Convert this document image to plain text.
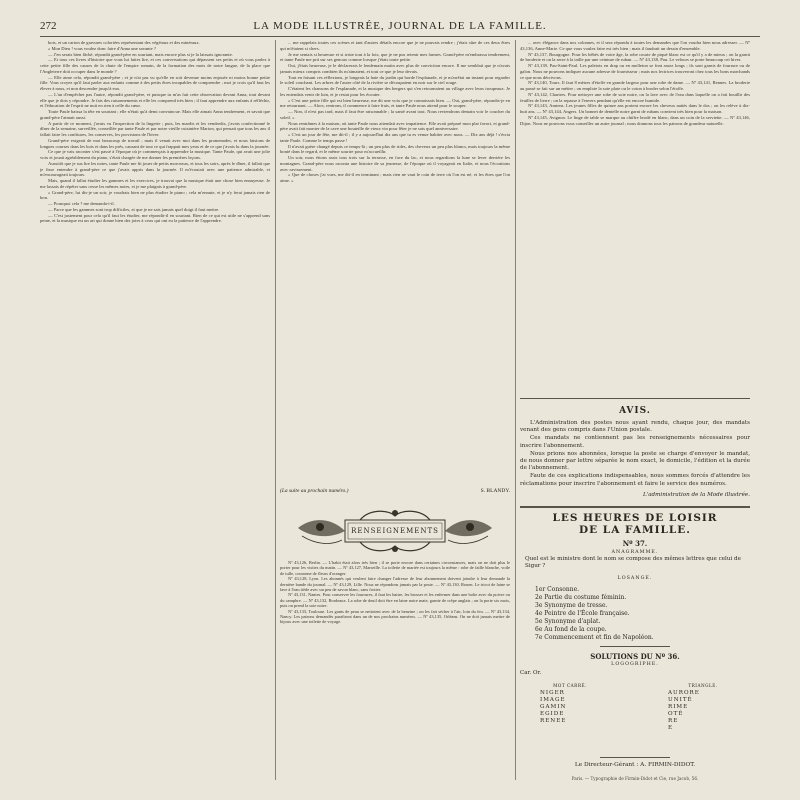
272	LA MODE ILLUSTRÉE, JOURNAL DE LA FAMILLE.

bois, et un carton de gravures coloriées représentant des végétaux et des minéraux.

« Mon Dieu ! vous voulez donc faire d'Anna une savante ?

— J'en serais bien fâché, répondit grand-père en souriant, mais encore plus si je la laissais ignorante.

— Et tous ces livres d'histoire que vous lui faites lire, et ces conversations qui dépassent ses petits et où vous parlez à cette petite fille des causes de la chute de l'empire romain, de la formation des mots de notre langue, de la place que l'Angleterre doit occuper dans le monde ?

— Elle aime cela, répondit grand-père ; et je n'ai pas vu qu'elle en soit devenue moins enjouée ni moins bonne petite fille. Vous croyez qu'il faut parler aux enfants comme à des petits êtres incapables de comprendre ; moi je crois qu'il faut les élever à nous, et non descendre jusqu'à eux.

— L'an d'empêcher pas l'autre, répondit grand-père, et puisque tu m'as fait cette observation devant Anna, tout devant elle que je dois y répondre. Je fais des raisonnements et elle les comprend très bien ; il faut apprendre aux enfants à réfléchir, et l'éducation de l'esprit ne nuit en rien à celle du cœur.

Toute Paule baissa la tête en souriant ; elle n'était qu'à demi convaincue. Mais elle aimait Anna tendrement, et savait que grand-père l'aimait aussi.

A partir de ce moment, j'avais vu l'inspection de la lingerie ; puis, les mardis et les vendredis, j'avais confectionné le dîner de la semaine, surveillée, conseillée par tante Paule et par notre vieille cuisinière Marion, qui pensait que tous les ans il fallait faire les confitures, les conserves, les provisions de l'hiver.

Grand-père exigeait de moi beaucoup de travail ; mais il venait avec moi dans les promenades, et nous faisions de longues courses dans les bois et dans les prés, causant de tout ce qui frappait mes yeux et de ce que j'avais lu dans la journée.

Ce que je vais raconter s'est passé à l'époque où je commençais à apprendre la musique. Tante Paule, qui avait une jolie voix et jouait agréablement du piano, s'était chargée de me donner les premières leçons.

Aussitôt que je sus lire les notes, tante Paule me fit jouer de petits morceaux, et tous les soirs, après le dîner, il fallait que je fisse entendre à grand-père ce que j'avais appris dans la journée. Il m'écoutait avec une patience admirable, et m'encourageait toujours.

Mais, quand il fallut étudier les gammes et les exercices, je trouvai que la musique était une chose bien ennuyeuse. Je me lassais de répéter sans cesse les mêmes notes, et je me plaignis à grand-père.

« Grand-père, lui dis-je un soir, je voudrais bien ne plus étudier le piano ; cela m'ennuie, et je n'y ferai jamais rien de bon.

— Pourquoi cela ? me demanda-t-il.

— Parce que les gammes sont trop difficiles, et que je ne sais jamais quel doigt il faut mettre.

— C'est justement pour cela qu'il faut les étudier, me répondit-il en souriant. Rien de ce qui est utile ne s'apprend sans peine, et la musique est un art qui donne bien des joies à ceux qui ont eu la patience de l'apprendre.

... me rappelais toutes ces scènes et tant d'autres détails encore que je ne pouvais rendre ; j'étais sûre de ces deux êtres qui m'étaient si chers.

Je me sentais si heureuse et si triste tout à la fois, que je ne pus retenir mes larmes. Grand-père m'embrassa tendrement, et tante Paule me prit sur ses genoux comme lorsque j'étais toute petite.

Oui, j'étais heureuse, je le déclarerais le lendemain matin avec plus de conviction encore. Il me semblait que je n'avais jamais mieux compris combien ils m'aimaient, et tout ce que je leur devais.

Tout en faisant ces réflexions, je longeais la haie du jardin qui borde l'esplanade, et je m'arrêtai un instant pour regarder le soleil couchant. Les arbres de l'autre côté de la rivière se découpaient en noir sur le ciel rouge.

C'étaient les chansons de l'esplanade, et la musique des bergers qui s'en retournaient au village avec leurs troupeaux. Je les entendais venir de loin, et je restai pour les écouter.

« C'est une petite fille qui est bien heureuse, me dit une voix que je connaissais bien. — Oui, grand-père, répondis-je en me retournant. — Alors, rentrons, il commence à faire frais, et tante Paule nous attend pour le souper.

— Non, il n'est pas tard, mais il faut être raisonnable ; la santé avant tout. Nous reviendrons demain voir le coucher du soleil. »

Nous rentrâmes à la maison, où tante Paule nous attendait avec impatience. Elle avait préparé mon plat favori, et grand-père avait fait monter de la cave une bouteille de vieux vin pour fêter je ne sais quel anniversaire.

« C'est un jour de fête, me dit-il ; il y a aujourd'hui dix ans que tu es venue habiter avec nous. — Dix ans déjà ! s'écria tante Paule. Comme le temps passe !

Il n'avait guère changé depuis ce temps-là ; un peu plus de rides, des cheveux un peu plus blancs, mais toujours la même bonté dans le regard, et le même sourire pour m'accueillir.

Un soir, nous étions assis tous trois sur la terrasse, en face du lac, et nous regardions la lune se lever derrière les montagnes. Grand-père nous raconta une histoire de sa jeunesse, de l'époque où il voyageait en Italie, et nous l'écoutions avec ravissement.

« Que de choses j'ai vues, me dit-il en terminant ; mais rien ne vaut le coin de terre où l'on est né, et les êtres que l'on aime. »

(La suite au prochain numéro.)	S. BLANDY.
RENSEIGNEMENTS

Nº 43,126, Berlin. — L'habit était alors très bien ; il se porte encore dans certaines circonstances, mais on ne doit plus le porter pour les visites du matin. — Nº 43,127, Marseille. La toilette de mariée est toujours la même : robe de faille blanche, voile de tulle, couronne de fleurs d'oranger.

Nº 43,128, Lyon. Les abonnés qui veulent faire changer l'adresse de leur abonnement doivent joindre à leur demande la dernière bande du journal. — Nº 43,129, Lille. Nous ne répondons jamais par la poste. — Nº 43,130, Rouen. Le tricot de laine se lave à l'eau tiède avec un peu de savon blanc, sans frotter.

Nº 43,131, Nantes. Pour conserver les fourrures, il faut les battre, les brosser et les enfermer dans une boîte avec du poivre ou du camphre. — Nº 43,132, Bordeaux. La robe de deuil doit être en laine noire mate, garnie de crêpe anglais ; on la porte six mois, puis on prend la soie noire.

Nº 43,133, Toulouse. Les gants de peau se nettoient avec de la benzine ; on les fait sécher à l'air, loin du feu. — Nº 43,134, Nancy. Les patrons demandés paraîtront dans un de nos prochains numéros. — Nº 43,135, Orléans. On ne doit jamais mettre de bijoux avec une toilette de voyage.

... avec élégance dans nos colonnes, et il sera répondu à toutes les demandes que l'on voudra bien nous adresser. — Nº 43,136, Anne-Marie. Ce que vous voulez faire est très bien ; mais il faudrait un dessin d'ensemble.

Nº 43,137, Bourgogne. Pour les bébés de votre âge, la robe courte de piqué blanc est ce qu'il y a de mieux ; on la garnit de broderie et on la serre à la taille par une ceinture de ruban. — Nº 43,138, Pau. Le velours se porte beaucoup cet hiver.

Nº 43,139, Pau-Saint-Paul. Les paletots en drap ou en molleton se font assez longs ; ils sont garnis de fourrure ou de galon. Nous ne pouvons indiquer aucune adresse de fournisseur ; mais nos lectrices trouveront chez tous les bons marchands ce que nous décrivons.

Nº 43,140, Tours. Il faut 8 mètres d'étoffe en grande largeur pour une robe de dame. — Nº 43,141, Rennes. La broderie au passé se fait sur un métier ; on emploie la soie plate ou le coton à broder selon l'étoffe.

Nº 43,142, Chartres. Pour nettoyer une robe de soie noire, on la lave avec de l'eau dans laquelle on a fait bouillir des feuilles de lierre ; on la repasse à l'envers pendant qu'elle est encore humide.

Nº 43,143, Amiens. Les jeunes filles de quinze ans portent encore les cheveux nattés dans le dos ; on les relève à dix-huit ans. — Nº 43,144, Angers. Un bonnet de dentelle noire garni de rubans convient très bien pour la maison.

Nº 43,145, Avignon. Le linge de table se marque au chiffre brodé en blanc, dans un coin de la serviette. — Nº 43,146, Dijon. Nous ne pouvons vous conseiller un autre journal ; nous donnons tous les patrons de grandeur naturelle.

AVIS.

L'Administration des postes nous ayant rendu, chaque jour, des mandats venant des gens compris dans l'Union postale.

Ces mandats ne contiennent pas les renseignements nécessaires pour inscrire l'abonnement.

Nous prions nos abonnées, lorsque la poste se charge d'envoyer le mandat, de nous donner par lettre séparée le nom exact, le domicile, l'édition et la durée de l'abonnement.

Faute de ces explications indispensables, nous sommes forcés d'attendre les réclamations pour inscrire l'abonnement et faire le service des numéros.

L'administration de la Mode illustrée.
LES HEURES DE LOISIR
DE LA FAMILLE.
Nº 37.
ANAGRAMME.
Quel est le ministre dont le nom se compose des mêmes lettres que celui de Sigur ?
LOSANGE.
1er Consonne.
2e Partie du costume féminin.
3e Synonyme de tresse.
4e Peintre de l'École française.
5e Synonyme d'aplat.
6e Au fond de la coupe.
7e Commencement et fin de Napoléon.
SOLUTIONS DU Nº 36.
LOGOGRIPHE.
Car. Or.
MOT CARRÉ.
NIGER
IMAGE
GAMIN
EGIDE
RENEE
TRIANGLE.
AURORE
UNITÉ
RIME
OTÉ
RE
E
Le Directeur-Gérant : A. FIRMIN-DIDOT.
Paris. — Typographie de Firmin-Didot et Cie, rue Jacob, 56.
